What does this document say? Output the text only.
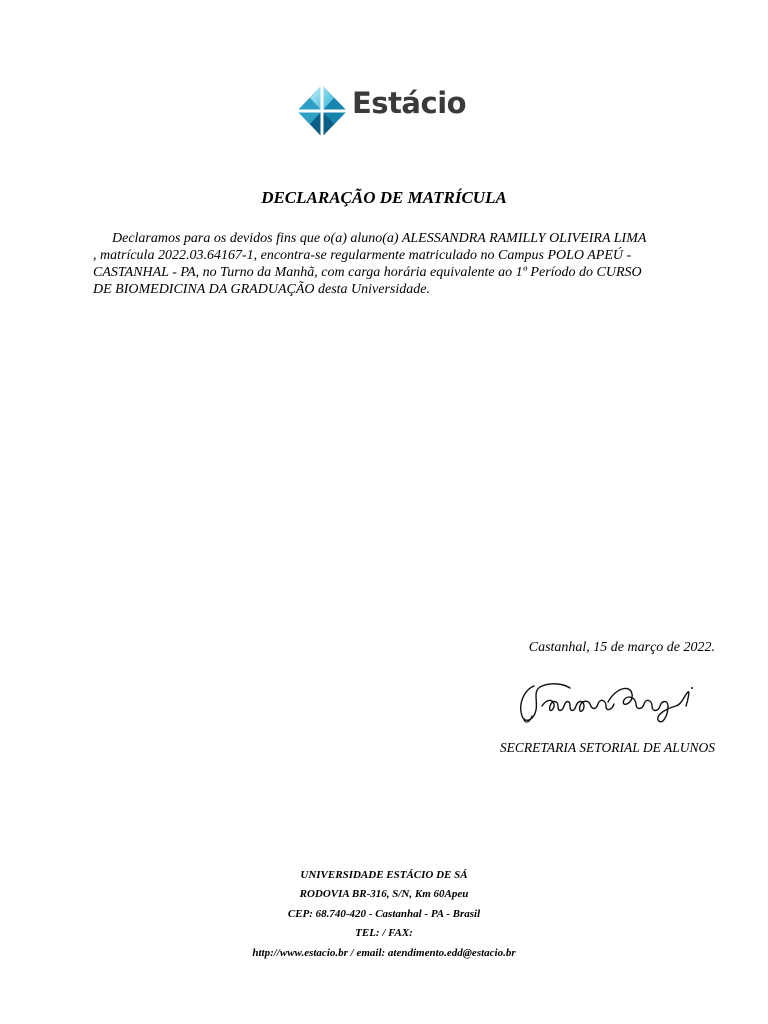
Estácio
DECLARAÇÃO DE MATRÍCULA
Declaramos para os devidos fins que o(a) aluno(a) ALESSANDRA RAMILLY OLIVEIRA LIMA
, matrícula 2022.03.64167-1, encontra-se regularmente matriculado no Campus POLO APEÚ -
CASTANHAL - PA, no Turno da Manhã, com carga horária equivalente ao 1º Período do CURSO
DE BIOMEDICINA DA GRADUAÇÃO desta Universidade.
Castanhal, 15 de março de 2022.
SECRETARIA SETORIAL DE ALUNOS
UNIVERSIDADE ESTÁCIO DE SÁ
RODOVIA BR-316, S/N, Km 60Apeu
CEP: 68.740-420 - Castanhal - PA - Brasil
TEL: / FAX:
http://www.estacio.br / email: atendimento.edd@estacio.br
